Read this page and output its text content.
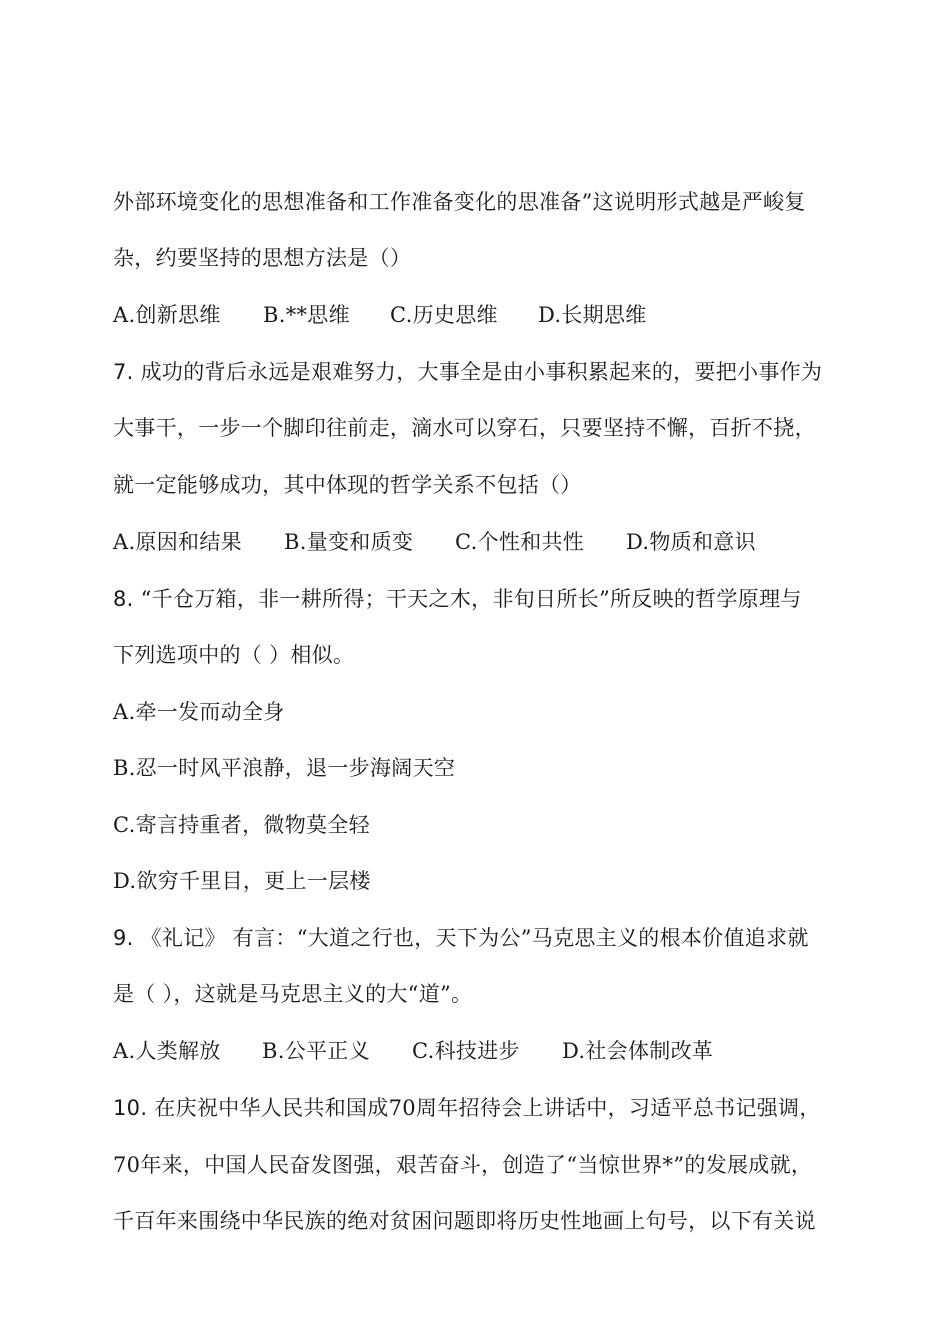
外部环境变化的思想准备和工作准备变化的思准备”这说明形式越是严峻复
杂，约要坚持的思想方法是（）
A.创新思维	B.**思维	C.历史思维	D.长期思维
7. 成功的背后永远是艰难努力，大事全是由小事积累起来的，要把小事作为
大事干，一步一个脚印往前走，滴水可以穿石，只要坚持不懈，百折不挠，
就一定能够成功，其中体现的哲学关系不包括（）
A.原因和结果	B.量变和质变	C.个性和共性	D.物质和意识
8. “千仓万箱，非一耕所得；干天之木，非旬日所长”所反映的哲学原理与
下列选项中的（ ）相似。
A.牵一发而动全身
B.忍一时风平浪静，退一步海阔天空
C.寄言持重者，微物莫全轻
D.欲穷千里目，更上一层楼
9. 《礼记》 有言：“大道之行也，天下为公”马克思主义的根本价值追求就
是（ ），这就是马克思主义的大“道”。
A.人类解放	B.公平正义	C.科技进步	D.社会体制改革
10. 在庆祝中华人民共和国成70周年招待会上讲话中，习适平总书记强调，
70年来，中国人民奋发图强，艰苦奋斗，创造了“当惊世界*”的发展成就，
千百年来围绕中华民族的绝对贫困问题即将历史性地画上句号，以下有关说
